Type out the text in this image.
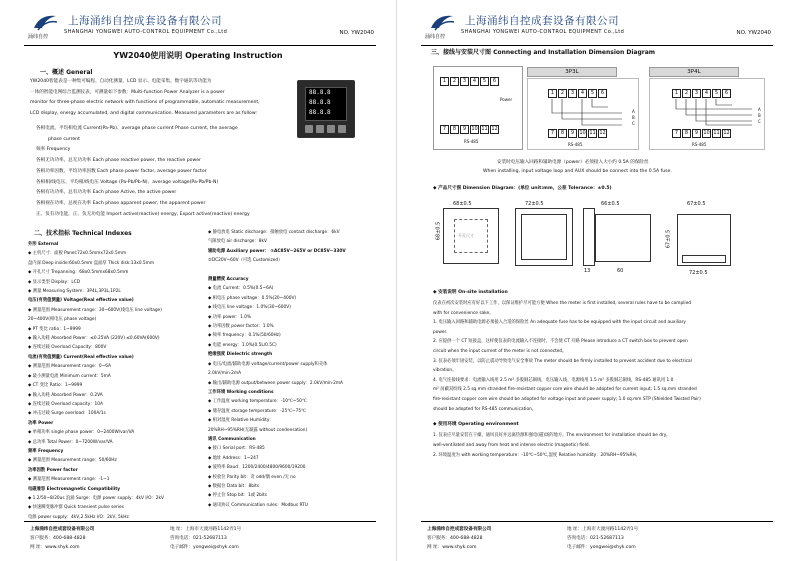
涌纬自控
上海涌纬自控成套设备有限公司
SHANGHAI YONGWEI AUTO-CONTROL EQUIPMENT Co.,Ltd	NO. YW2040
YW2040使用说明 Operating Instruction
一、概述 General
88.8.8
88.8.8
88.8.8
YW2040智能表是一种集可编程、自动化测量、LCD 显示、电能采集、数字通讯等功能为
一体的智能电网综合监测仪表，可测量如下参数：Multi-function Power Analyzer is a power
monitor for three-phase electric network with functions of programmable, automatic measurement,
LCD display, energy accumulated, and digital communication. Measured parameters are as follow:
各相电流、平均相电流 Current(Pa-Pb)、average phase current Phase current, the average
phase current
频率 Frequency
各相无功功率、总无功功率 Each phase reactive power, the reactive power
各相功率因数、平均功率因数 Each phase power factor, average power factor
各相相/线电压、平均相/线电压 Voltage (Pa-Pb/Pb-N)、average voltage(Pa-Pb/Pb-N)
各相有功功率、总有功功率 Each phase Active, the active power
各相视在功率、总视在功率 Each phase apparent power, the apparent power
正、负有功电能，正、负无功电能 Import active(reactive) energy, Export active(reactive) energy
二、技术指标 Technical Indexes
外形 External
◆ 主机尺寸：面板 Panel:72x0.5mmx72x0.5mm
盘内深 Deep inside:60x0.5mm 盘面厚 Thick disk:13x0.5mm
◆ 开孔尺寸 Trepanning：68x0.5mmx68x0.5mm
◆ 显示类型 Display：LCD
◆ 测量 Measuring System：3P4L,3P3L,1P2L
电压(有效值测量) Voltage(Real effective value)
◆ 测量范围 Measurement range：30~600V(线电压 line voltage)
20~400V(相电压 phase voltage)
◆ PT 变比 ratio：1~9999
◆ 输入功耗 Absorbed Power：≤0.25VA (220V) ≤0.60VA(600V)
◆ 连续过载 Overload Capacity：800V
电流(有效值测量) Current(Real effective value)
◆ 测量范围 Measurement range：0~6A
◆ 最小测量电流 Minimum current：5mA
◆ CT 变比 Ratio：1~9999
◆ 输入功耗 Absorbed Power：0.2VA
◆ 连续过载 Overload capacity：10A
◆ 冲击过载 Surge overload：100A/1s
功率 Power
◆ 单相功率 single phase power：0~2400W/var/VA
◆ 总功率 Total Power：0~7200W/var/VA
频率 Frequency
◆ 测量范围 Measurement range：50/60Hz
功率因数 Power factor
◆ 测量范围 Measurement range：-1~1
电磁兼容 Electromagnetic Compatibility
◆ 1.2/50~8/20us 浪涌 Surge：电源 power supply：4kV I/O：2kV
◆ 快速瞬变脉冲群 Quick transient pulse series
电源 power supply：4kV,2.5kHz I/O：2kV, 5kHz
◆ 静电放电 Static discharge：接触放电 contact discharge：6kV
气隙放电 air discharge：8kV
辅助电源 Auxiliary power： ①AC85V~265V or DC85V~330V
②DC20V~60V（可选 Customized）

测量精度 Accuracy
◆ 电流 Current：0.5%(0.5~6A)
◆ 相电压 phase voltage：0.5%(20~400V)
◆ 线电压 line voltage：1.0%(30~600V)
◆ 功率 power：1.0%
◆ 功率因数 power factor：1.0%
◆ 频率 frequency：0.1%(50/60Hz)
◆ 电能 energy：1.0%(0.5L/0.5C)
绝缘强度 Dielectric strength
◆ 电压/电流/辅助电源 voltage/current/power supply和壳体
2.0kV/min·2mA
◆ 输出/辅助电源 output/between power supply：2.0kV/min·2mA
工作环境 Working conditions
◆ 工作温度 working temperature：-10℃~50℃
◆ 储存温度 storage temperature：-25℃~75℃
◆ 相对湿度 Relative Humidity：
20%RH~95%RH(无凝露 without condensation)
通讯 Communication
◆ 接口 Serial port：RS-485
◆ 地址 Address：1~247
◆ 波特率 Baud：1200/2400/4800/9600/19200
◆ 校验位 Parity bit：奇 odd/偶 even /无 no
◆ 数据位 Data bit：8bits
◆ 停止位 Stop bit：1或 2bits
◆ 通讯协议 Communication rules：Modbus RTU
上海涌纬自控成套设备有限公司	地 址：上海市大渡河路1142弄1号
客户服务：400-688-4828	咨询电话：021-52687113
网 址：www.shyk.com	电子邮件：yongwei@shyk.com
涌纬自控
上海涌纬自控成套设备有限公司
SHANGHAI YONGWEI AUTO-CONTROL EQUIPMENT Co.,Ltd	NO. YW2040
三、接线与安装尺寸图 Connecting and Installation Dimension Diagram
3P3L	3P4L
1	2	3	4	5	6
Power
7	8	9	10 11 12
RS-485
1	2	3	4	5	6
A
B
C
7	8	9	10 11 12
RS-485
1	2	3	4	5	6
A
B
C
7	8	9	10 11 12
RS-485
安装时电压输入回路和辅助电源（power）必须接入大小约 0.5A 的保险丝
When installing, input voltage loop and AUX should be connect into the 0.5A fuse.
◆ 产品尺寸图 Dimension Diagram：(单位 unit:mm，公差 Tolerance：±0.5)
开孔尺寸
68±0.5
68±0.5
72±0.5	66±0.5
13	60
67±0.5
67±0.5
72±0.5
◆ 安装说明 On-site installation
仪表在初次安装时应有好以下工作，以保证维护尽可能方便 When the meter is first installed, several rules have to be complied
with for convenience sake。
1. 电压输入回路和辅助电源必须接入合适的保险丝 An adequate fuse has to be equipped with the input circuit and auxiliary
power.
2. 应提供一个 CT 短接盒，这样使仪表的电流输入不连接时，不会使 CT 开路 Please introduce a CT switch box to prevent open
circuit when the input current of the meter is not connected。
3. 仪表必须牢固安装，以防止震动导致电气安全事故 The meter should be firmly installed to prevent accident due to electrical
vibration。
4. 电气连接线要求：电流输入线用 2.5 m² 多股铜芯铜线，电压输入线、电源线用 1.5 m² 多股铜芯铜线，RS-485 通讯用 1.0
m² 屏蔽双绞线 2.5 sq.mm stranded fire-resistant copper core wire should be adopted for current input; 1.5 sq.mm stranded
fire-resistant copper core wire should be adopted for voltage input and power supply; 1.0 sq.mm STP (Shielded Twisted Pair)
should be adopted for RS-485 communication。
◆ 使用环境 Operating environment
1. 仪表应尽量安装在干燥、通风良好并远离热源和强电(磁)场的地方。The environment for installation should be dry,
well-ventilated and away from heat and intense electric (magnetic) field.
2. 环境温度为 with working temperature：-10℃~50℃,湿度 Relative humidity：20%RH~95%RH。
上海涌纬自控成套设备有限公司	地 址：上海市大渡河路1142弄1号
客户服务：400-688-4828	咨询电话：021-52687113
网 址：www.shyk.com	电子邮件：yongwei@shyk.com
